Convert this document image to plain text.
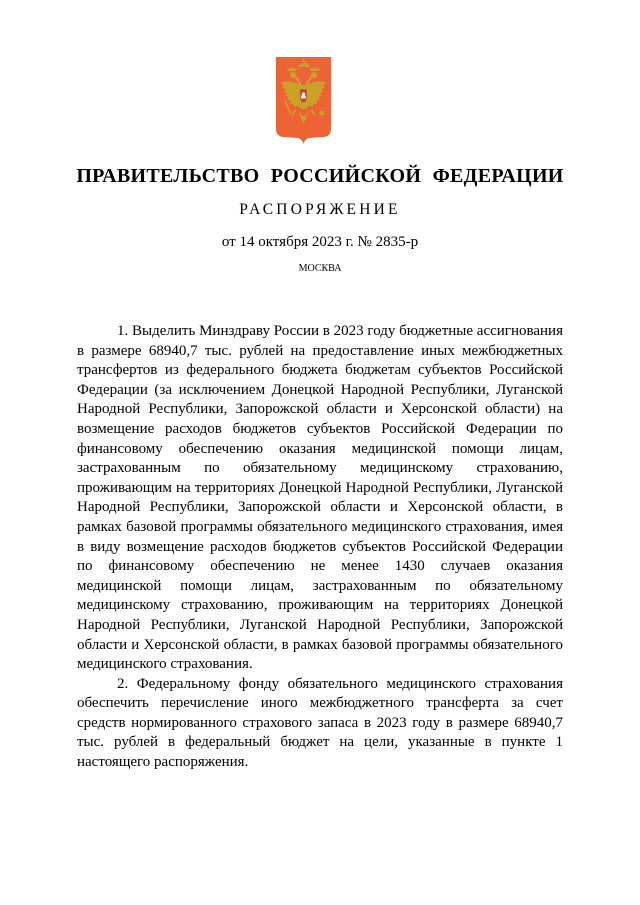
ПРАВИТЕЛЬСТВО РОССИЙСКОЙ ФЕДЕРАЦИИ
РАСПОРЯЖЕНИЕ
от 14 октября 2023 г. № 2835-р
МОСКВА

1. Выделить Минздраву России в 2023 году бюджетные ассигнования в размере 68940,7 тыс. рублей на предоставление иных межбюджетных трансфертов из федерального бюджета бюджетам субъектов Российской Федерации (за исключением Донецкой Народной Республики, Луганской Народной Республики, Запорожской области и Херсонской области) на возмещение расходов бюджетов субъектов Российской Федерации по финансовому обеспечению оказания медицинской помощи лицам, застрахованным по обязательному медицинскому страхованию, проживающим на территориях Донецкой Народной Республики, Луганской Народной Республики, Запорожской области и Херсонской области, в рамках базовой программы обязательного медицинского страхования, имея в виду возмещение расходов бюджетов субъектов Российской Федерации по финансовому обеспечению не менее 1430 случаев оказания медицинской помощи лицам, застрахованным по обязательному медицинскому страхованию, проживающим на территориях Донецкой Народной Республики, Луганской Народной Республики, Запорожской области и Херсонской области, в рамках базовой программы обязательного медицинского страхования.

2. Федеральному фонду обязательного медицинского страхования обеспечить перечисление иного межбюджетного трансферта за счет средств нормированного страхового запаса в 2023 году в размере 68940,7 тыс. рублей в федеральный бюджет на цели, указанные в пункте 1 настоящего распоряжения.
